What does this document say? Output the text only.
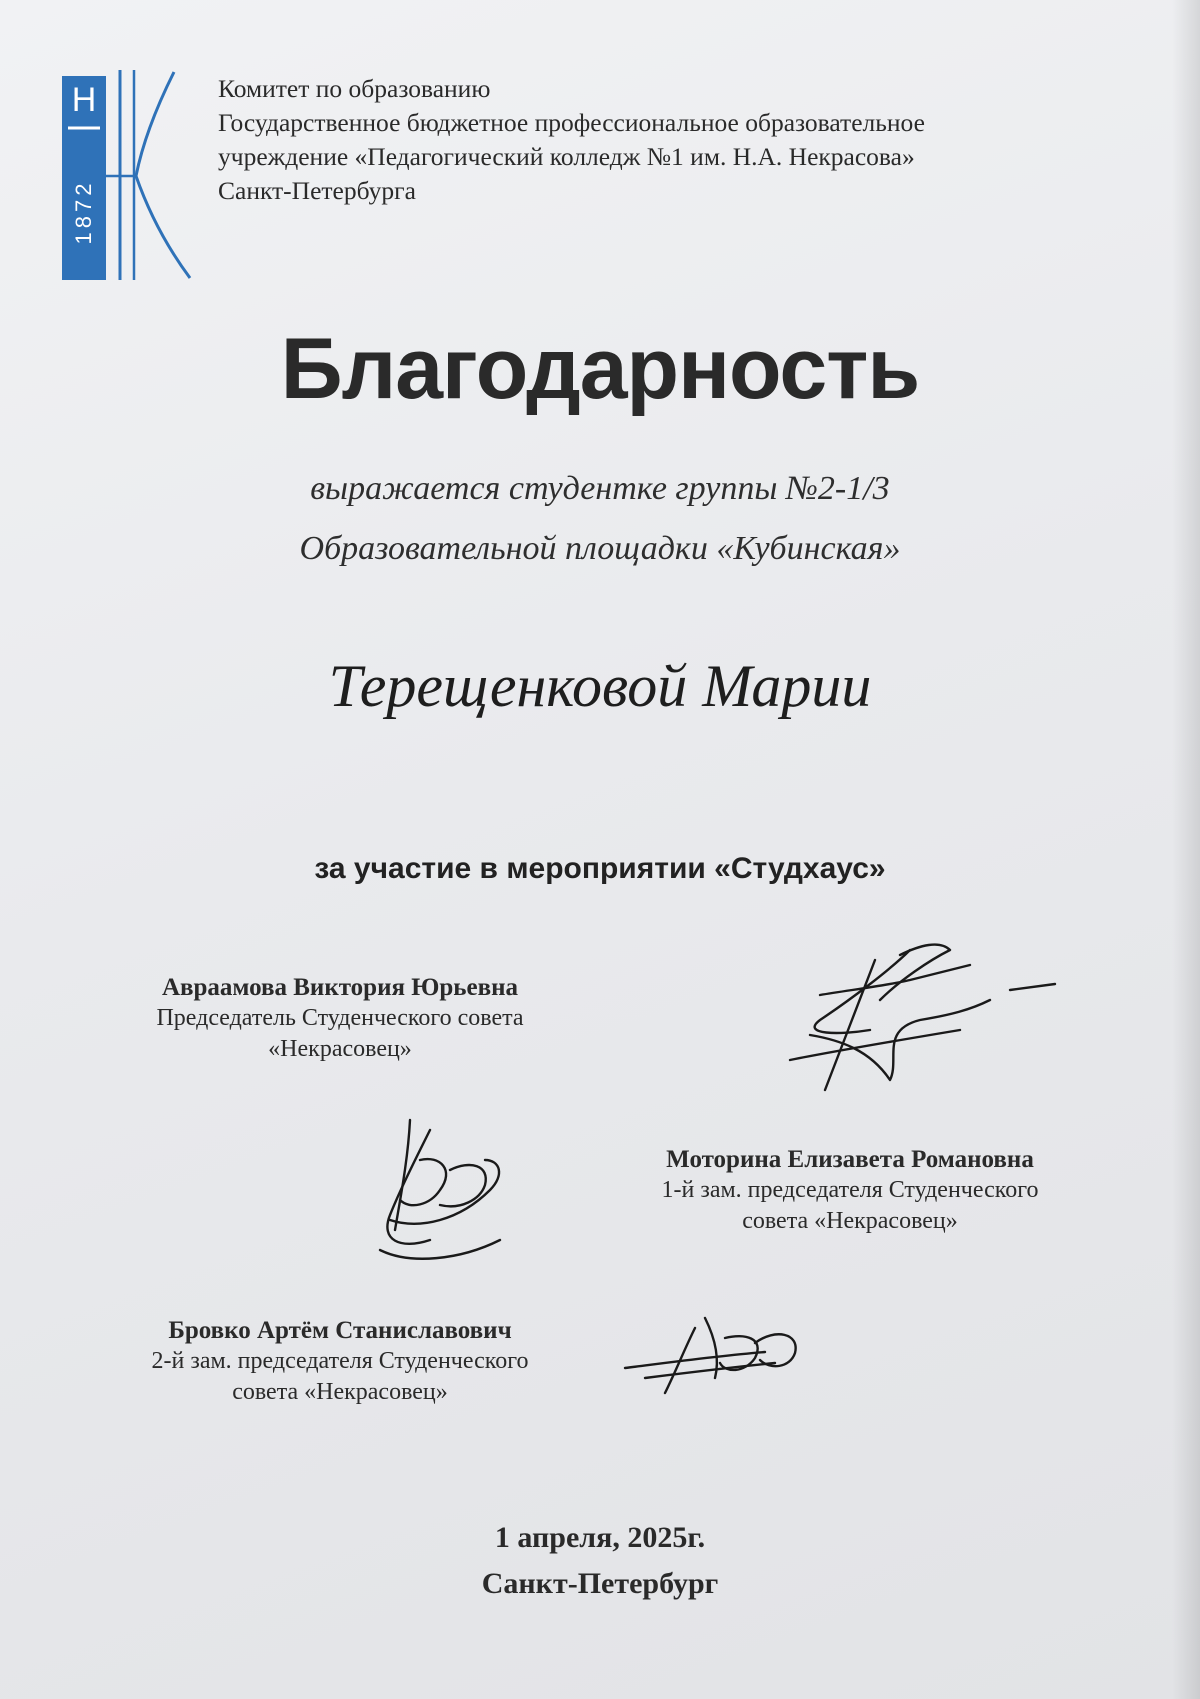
Н
1872
Комитет по образованию
Государственное бюджетное профессиональное образовательное
учреждение «Педагогический колледж №1 им. Н.А. Некрасова»
Санкт-Петербурга
Благодарность
выражается студентке группы №2-1/3
Образовательной площадки «Кубинская»
Терещенковой Марии
за участие в мероприятии «Студхаус»
Авраамова Виктория Юрьевна
Председатель Студенческого совета
«Некрасовец»
Моторина Елизавета Романовна
1-й зам. председателя Студенческого
совета «Некрасовец»
Бровко Артём Станиславович
2-й зам. председателя Студенческого
совета «Некрасовец»
1 апреля, 2025г.
Санкт-Петербург
